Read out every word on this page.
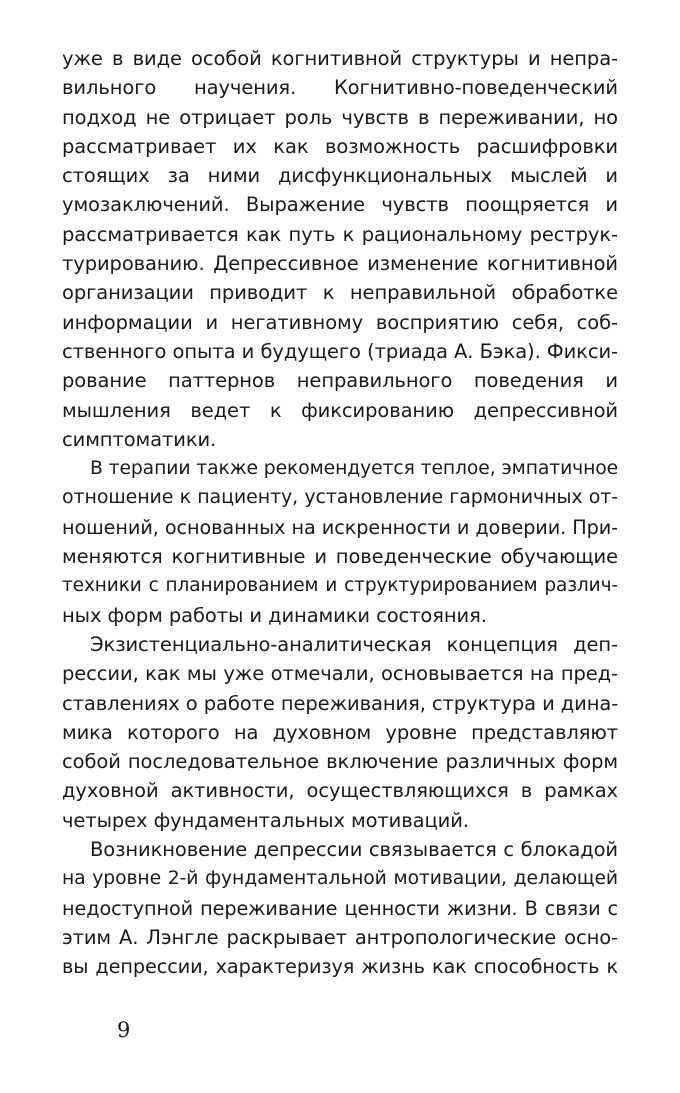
уже в виде особой когнитивной структуры и непра-
вильного научения. Когнитивно-поведенческий
подход не отрицает роль чувств в переживании, но
рассматривает их как возможность расшифровки
стоящих за ними дисфункциональных мыслей и
умозаключений. Выражение чувств поощряется и
рассматривается как путь к рациональному реструк-
турированию. Депрессивное изменение когнитивной
организации приводит к неправильной обработке
информации и негативному восприятию себя, соб-
ственного опыта и будущего (триада А. Бэка). Фикси-
рование паттернов неправильного поведения и
мышления ведет к фиксированию депрессивной
симптоматики.
В терапии также рекомендуется теплое, эмпатичное
отношение к пациенту, установление гармоничных от-
ношений, основанных на искренности и доверии. При-
меняются когнитивные и поведенческие обучающие
техники с планированием и структурированием различ-
ных форм работы и динамики состояния.
Экзистенциально-аналитическая концепция деп-
рессии, как мы уже отмечали, основывается на пред-
ставлениях о работе переживания, структура и дина-
мика которого на духовном уровне представляют
собой последовательное включение различных форм
духовной активности, осуществляющихся в рамках
четырех фундаментальных мотиваций.
Возникновение депрессии связывается с блокадой
на уровне 2-й фундаментальной мотивации, делающей
недоступной переживание ценности жизни. В связи с
этим А. Лэнгле раскрывает антропологические осно-
вы депрессии, характеризуя жизнь как способность к
9
